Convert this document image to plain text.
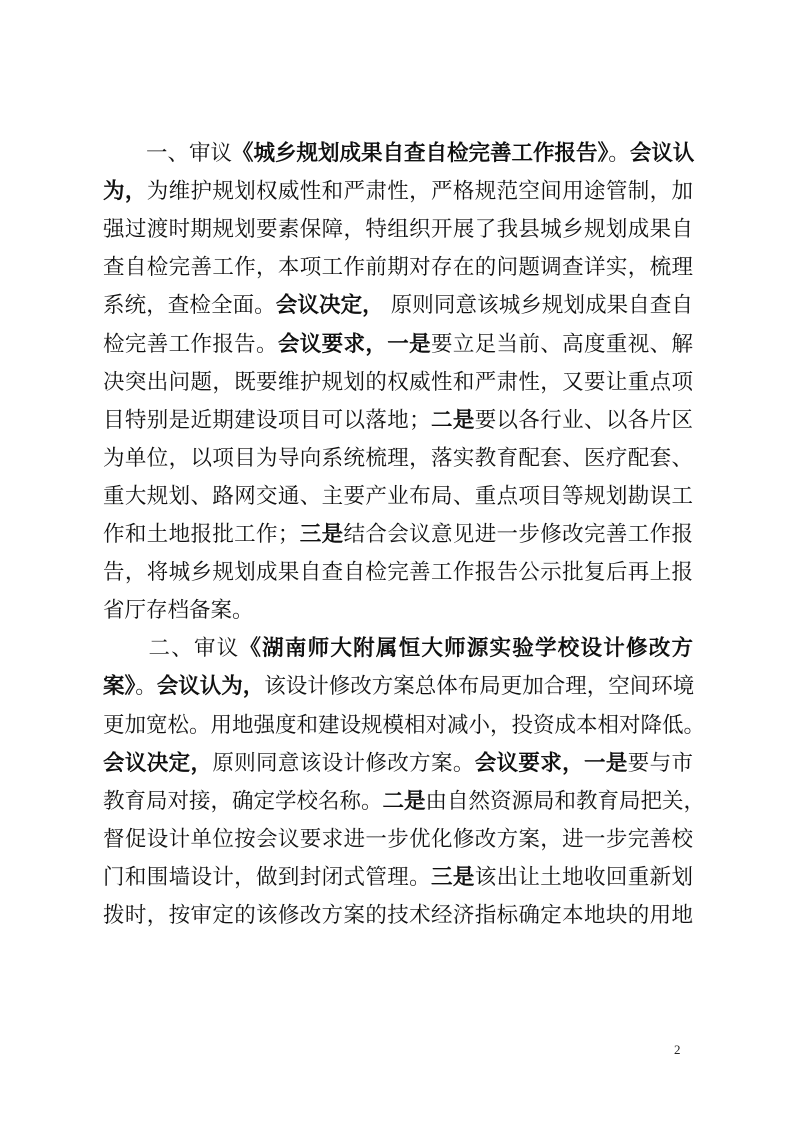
　　一、审议《城乡规划成果自查自检完善工作报告》。会议认
为，为维护规划权威性和严肃性，严格规范空间用途管制，加
强过渡时期规划要素保障，特组织开展了我县城乡规划成果自
查自检完善工作，本项工作前期对存在的问题调查详实，梳理
系统，查检全面。会议决定， 原则同意该城乡规划成果自查自
检完善工作报告。会议要求，一是要立足当前、高度重视、解
决突出问题，既要维护规划的权威性和严肃性，又要让重点项
目特别是近期建设项目可以落地；二是要以各行业、以各片区
为单位，以项目为导向系统梳理，落实教育配套、医疗配套、
重大规划、路网交通、主要产业布局、重点项目等规划勘误工
作和土地报批工作；三是结合会议意见进一步修改完善工作报
告，将城乡规划成果自查自检完善工作报告公示批复后再上报
省厅存档备案。
　　二、审议《湖南师大附属恒大师源实验学校设计修改方
案》。会议认为，该设计修改方案总体布局更加合理，空间环境
更加宽松。用地强度和建设规模相对减小，投资成本相对降低。
会议决定，原则同意该设计修改方案。会议要求，一是要与市
教育局对接，确定学校名称。二是由自然资源局和教育局把关，
督促设计单位按会议要求进一步优化修改方案，进一步完善校
门和围墙设计，做到封闭式管理。三是该出让土地收回重新划
拨时，按审定的该修改方案的技术经济指标确定本地块的用地
2
